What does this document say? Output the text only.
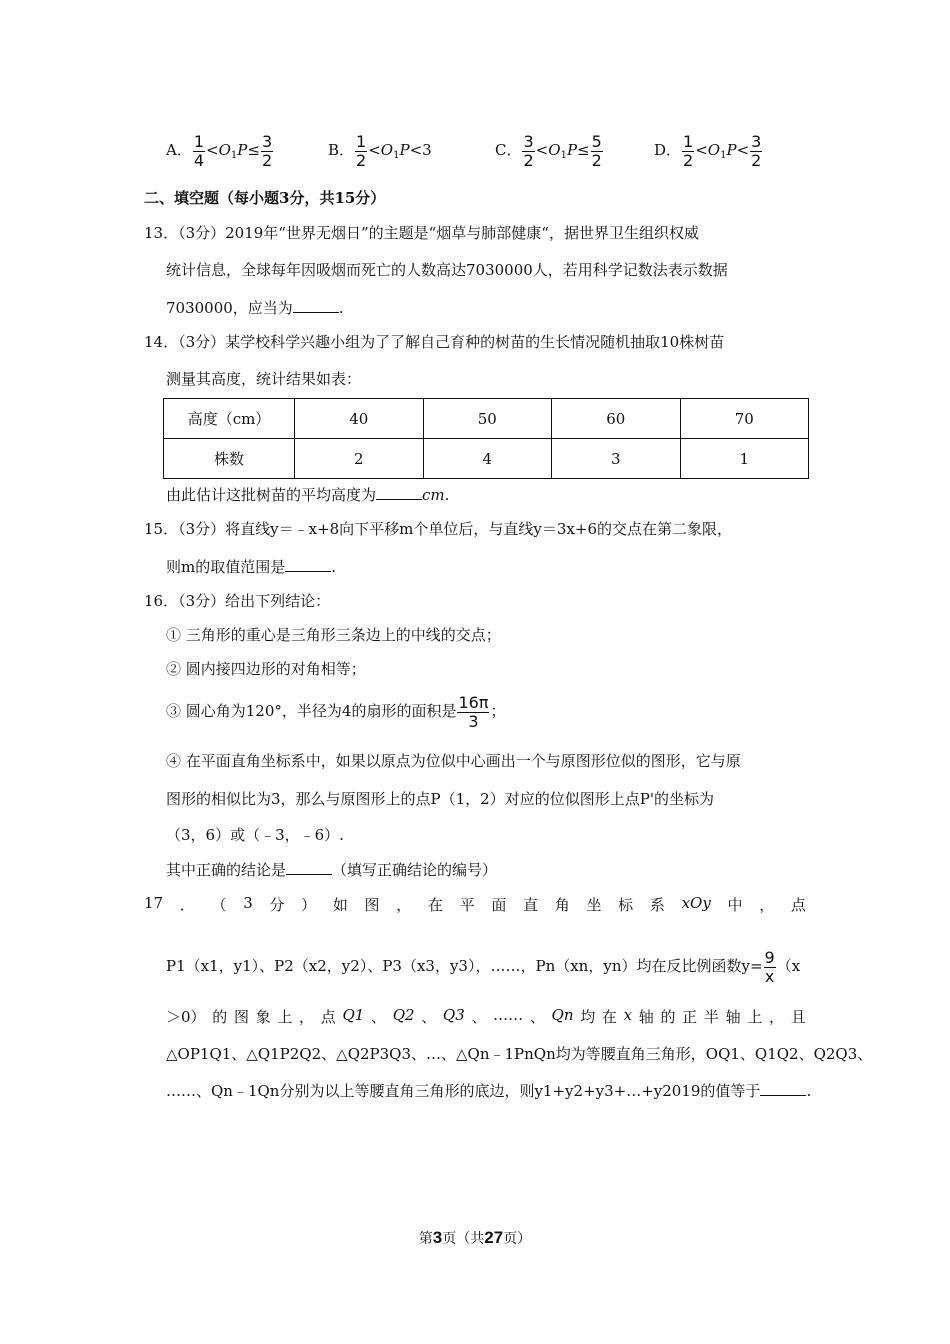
A． $\frac{1}{4} <O_1P\le \frac{3}{2}$	B． $\frac{1}{2} <O_1P<3$	C． $\frac{3}{2} <O_1P\le \frac{5}{2}$	D． $\frac{1}{2} <O_1P< \frac{3}{2}$
二、填空题（每小题3分，共15分）
13．（3分）2019年“世界无烟日”的主题是“烟草与肺部健康“，据世界卫生组织权威
统计信息，全球每年因吸烟而死亡的人数高达7030000人，若用科学记数法表示数据
7030000，应当为	.
14．（3分）某学校科学兴趣小组为了了解自己育种的树苗的生长情况随机抽取10株树苗
测量其高度，统计结果如表：
高度（cm）	40	50	60	70
株数	2	4	3	1
由此估计这批树苗的平均高度为	cm.
15．（3分）将直线y＝﹣x+8向下平移m个单位后，与直线y＝3x+6的交点在第二象限，
则m的取值范围是	.
16．（3分）给出下列结论：
① 三角形的重心是三角形三条边上的中线的交点；
② 圆内接四边形的对角相等；
③ 圆心角为120°，半径为4的扇形的面积是 $\frac{16\pi}{3}$ ；
④ 在平面直角坐标系中，如果以原点为位似中心画出一个与原图形位似的图形，它与原
图形的相似比为3，那么与原图形上的点P（1，2）对应的位似图形上点P'的坐标为
（3，6）或（﹣3，﹣6）.
其中正确的结论是	（填写正确结论的编号）
17 ． （ 3 分 ） 如 图 ， 在 平 面 直 角 坐 标 系 xOy 中 ， 点
P1（x1，y1）、P2（x2，y2）、P3（x3，y3），……，Pn（xn，yn）均在反比例函数$y= \frac{9}{x} (x$
＞0） 的 图 象 上 ， 点 Q1 、 Q2 、 Q3 、 …… 、 Qn 均 在 x 轴 的 正 半 轴 上 ， 且
△OP1Q1、△Q1P2Q2、△Q2P3Q3、…、△Qn﹣1PnQn均为等腰直角三角形，OQ1、Q1Q2、Q2Q3、
……、Qn﹣1Qn分别为以上等腰直角三角形的底边，则y1+y2+y3+…+y2019的值等于	.
第3页（共27页）
